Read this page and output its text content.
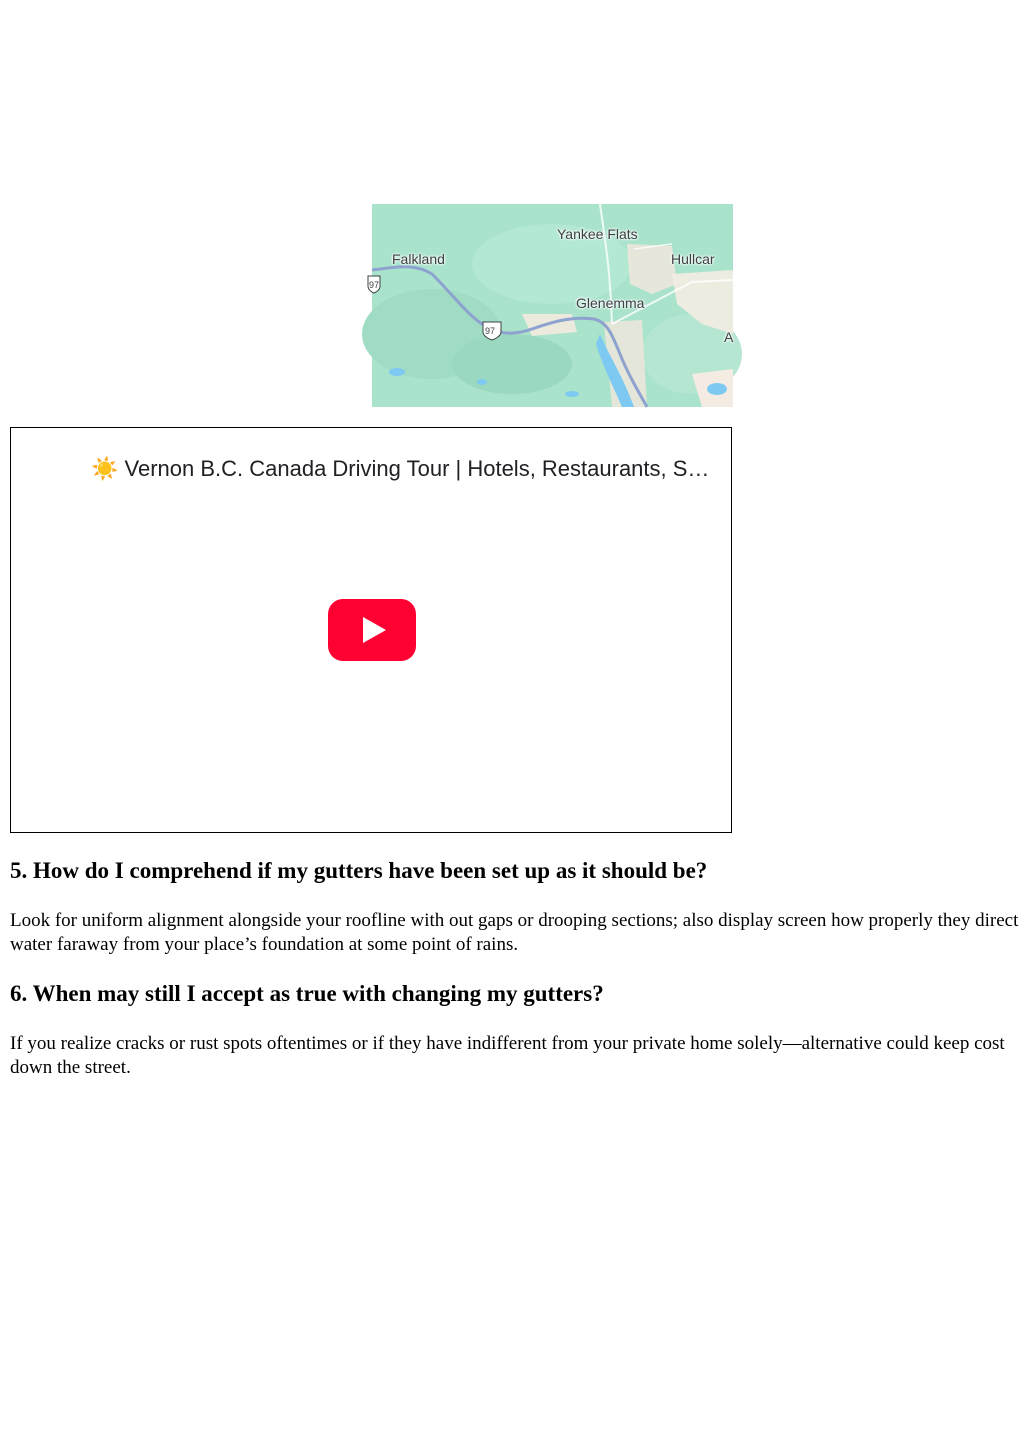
97
97
Yankee Flats
Falkland	Hullcar
Glenemma
A
☀️ Vernon B.C. Canada Driving Tour | Hotels, Restaurants, S…
5. How do I comprehend if my gutters have been set up as it should be?

Look for uniform alignment alongside your roofline with out gaps or drooping sections; also display screen how properly they direct water faraway from your place’s foundation at some point of rains.

6. When may still I accept as true with changing my gutters?

If you realize cracks or rust spots oftentimes or if they have indifferent from your private home solely—alternative could keep cost down the street.
